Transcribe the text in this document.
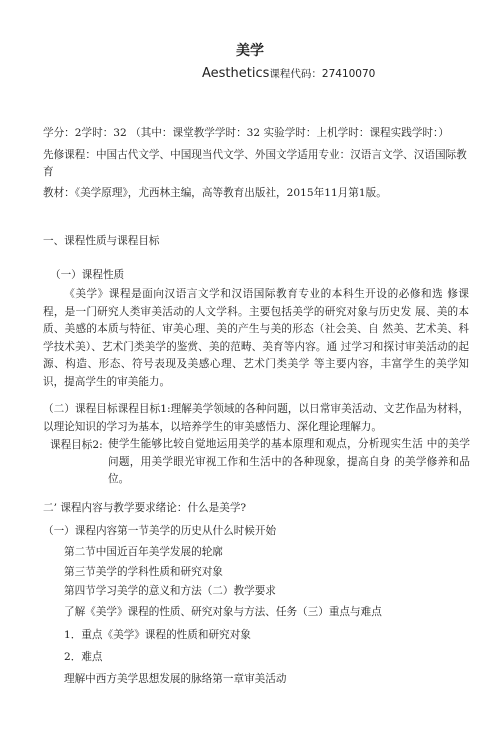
美学
Aesthetics课程代码：27410070
学分：2学时：32 （其中：课堂教学学时：32 实验学时：上机学时：课程实践学时：）
先修课程：中国古代文学、中国现当代文学、外国文学适用专业：汉语言文学、汉语国际教
育
教材：《美学原理》，尤西林主编，高等教育出版社，2015年11月第1版。
一、课程性质与课程目标
（一）课程性质
《美学》课程是面向汉语言文学和汉语国际教育专业的本科生开设的必修和选 修课程，是一门研究人类审美活动的人文学科。主要包括美学的研究对象与历史发 展、美的本质、美感的本质与特征、审美心理、美的产生与美的形态（社会美、自 然美、艺术美、科学技术美）、艺术门类美学的鉴赏、美的范畴、美育等内容。通 过学习和探讨审美活动的起源、构造、形态、符号表现及美感心理、艺术门类美学 等主要内容，丰富学生的美学知识，提高学生的审美能力。
（二）课程目标课程目标1:理解美学领域的各种问题，以日常审美活动、文艺作品为材料，以理论知识的学习为基本，以培养学生的审美感悟力、深化理论理解力。
课程目标2: 使学生能够比较自觉地运用美学的基本原理和观点，分析现实生活 中的美学问题，用美学眼光审视工作和生活中的各种现象，提高自身 的美学修养和品位。
二’ 课程内容与教学要求绪论：什么是美学?
（一）课程内容第一节美学的历史从什么时候开始
第二节中国近百年美学发展的轮廓
第三节美学的学科性质和研究对象
第四节学习美学的意义和方法（二）教学要求
了解《美学》课程的性质、研究对象与方法、任务（三）重点与难点
1．重点《美学》课程的性质和研究对象
2．难点
理解中西方美学思想发展的脉络第一章审美活动
